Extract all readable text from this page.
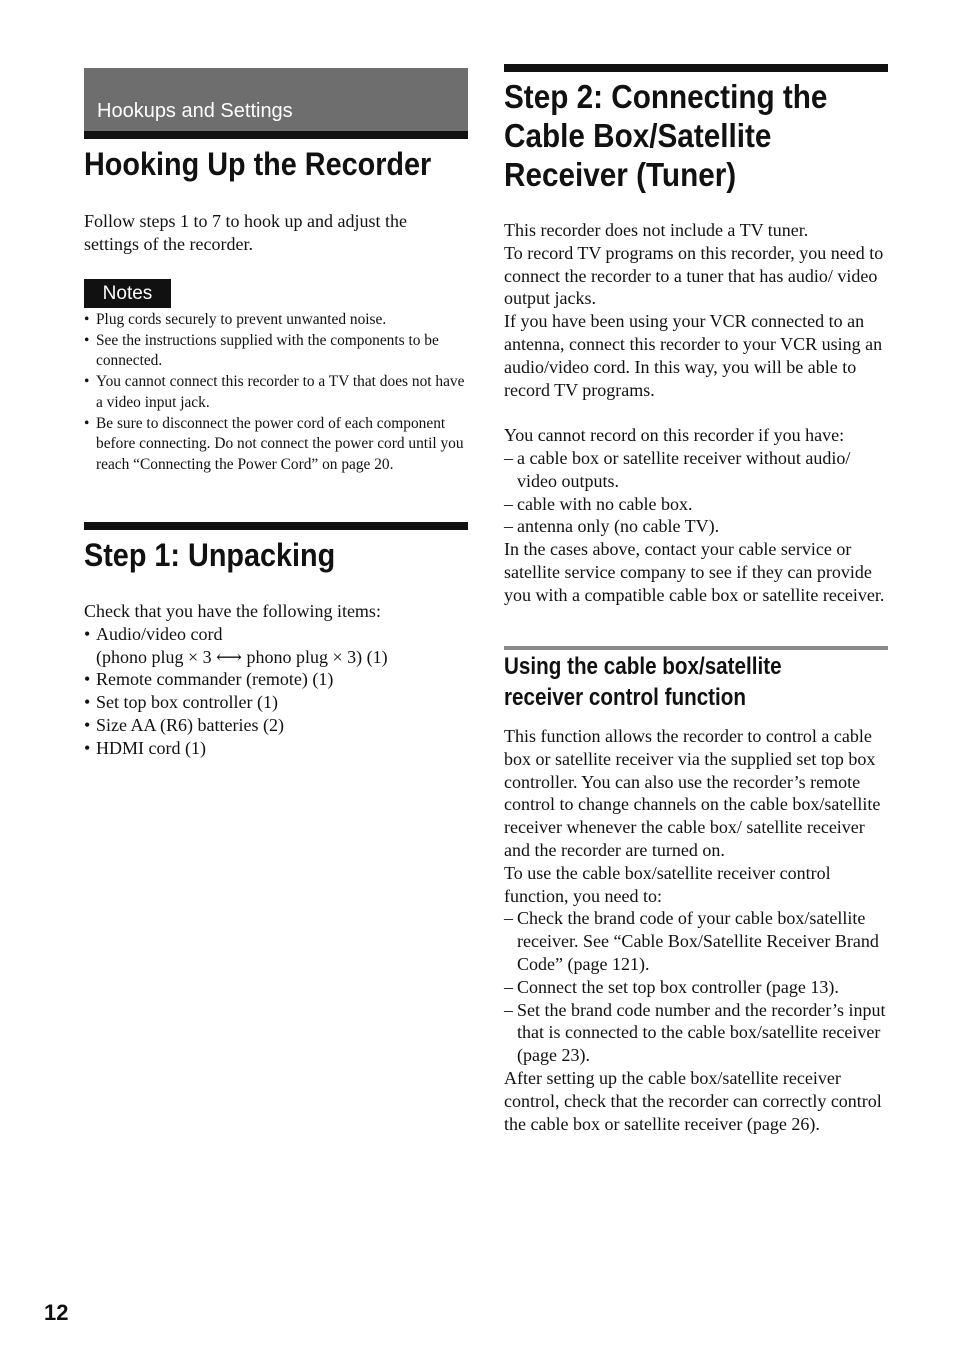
Hookups and Settings
Hooking Up the Recorder

Follow steps 1 to 7 to hook up and adjust the settings of the recorder.

Notes
• Plug cords securely to prevent unwanted noise.
• See the instructions supplied with the components to be connected.
• You cannot connect this recorder to a TV that does not have a video input jack.
• Be sure to disconnect the power cord of each component before connecting. Do not connect the power cord until you reach “Connecting the Power Cord” on page 20.
Step 1: Unpacking

Check that you have the following items:

• Audio/video cord
(phono plug × 3 ⟷ phono plug × 3) (1)
• Remote commander (remote) (1)
• Set top box controller (1)
• Size AA (R6) batteries (2)
• HDMI cord (1)
Step 2: Connecting the
Cable Box/Satellite
Receiver (Tuner)

This recorder does not include a TV tuner.

To record TV programs on this recorder, you need to connect the recorder to a tuner that has audio/ video output jacks.

If you have been using your VCR connected to an antenna, connect this recorder to your VCR using an audio/video cord. In this way, you will be able to record TV programs.

You cannot record on this recorder if you have:

– a cable box or satellite receiver without audio/ video outputs.
– cable with no cable box.
– antenna only (no cable TV).

In the cases above, contact your cable service or satellite service company to see if they can provide you with a compatible cable box or satellite receiver.

Using the cable box/satellite
receiver control function

This function allows the recorder to control a cable box or satellite receiver via the supplied set top box controller. You can also use the recorder’s remote control to change channels on the cable box/satellite receiver whenever the cable box/ satellite receiver and the recorder are turned on.

To use the cable box/satellite receiver control function, you need to:

– Check the brand code of your cable box/satellite receiver. See “Cable Box/Satellite Receiver Brand Code” (page 121).
– Connect the set top box controller (page 13).
– Set the brand code number and the recorder’s input that is connected to the cable box/satellite receiver (page 23).

After setting up the cable box/satellite receiver control, check that the recorder can correctly control the cable box or satellite receiver (page 26).

12
